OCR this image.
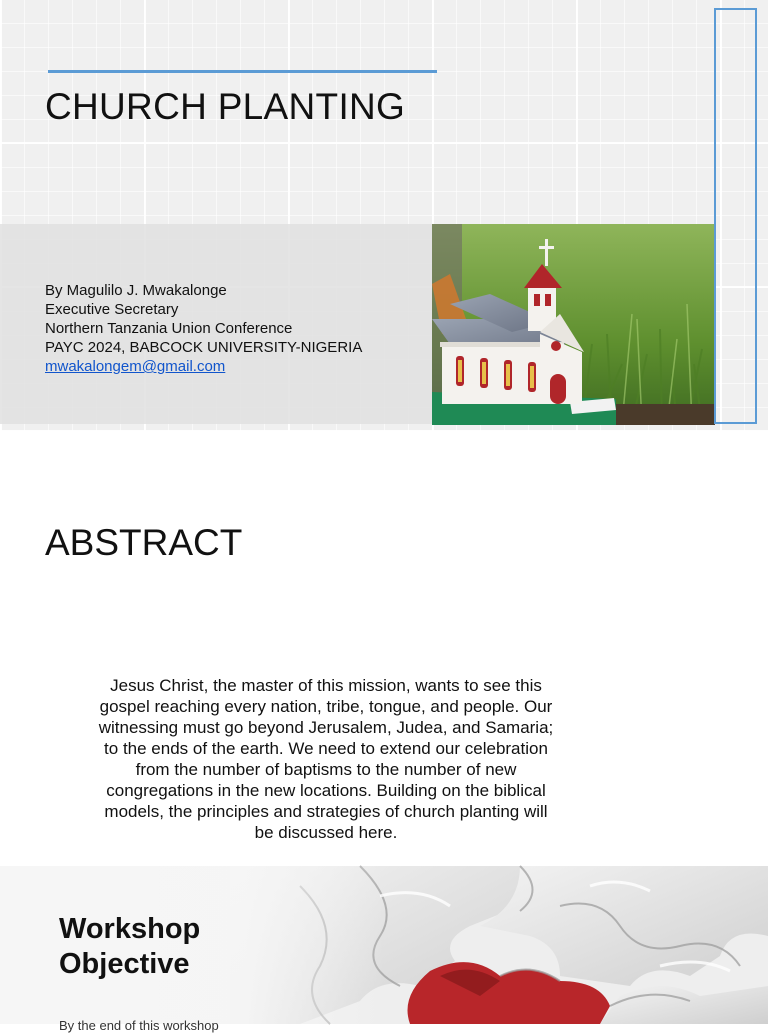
CHURCH PLANTING
By Magulilo J. Mwakalonge
Executive Secretary
Northern Tanzania Union Conference
PAYC 2024, BABCOCK UNIVERSITY-NIGERIA
mwakalongem@gmail.com
ABSTRACT
Jesus Christ, the master of this mission, wants to see this
gospel reaching every nation, tribe, tongue, and people. Our
witnessing must go beyond Jerusalem, Judea, and Samaria;
to the ends of the earth. We need to extend our celebration
from the number of baptisms to the number of new
congregations in the new locations. Building on the biblical
models, the principles and strategies of church planting will
be discussed here.
Workshop
Objective
By the end of this workshop
